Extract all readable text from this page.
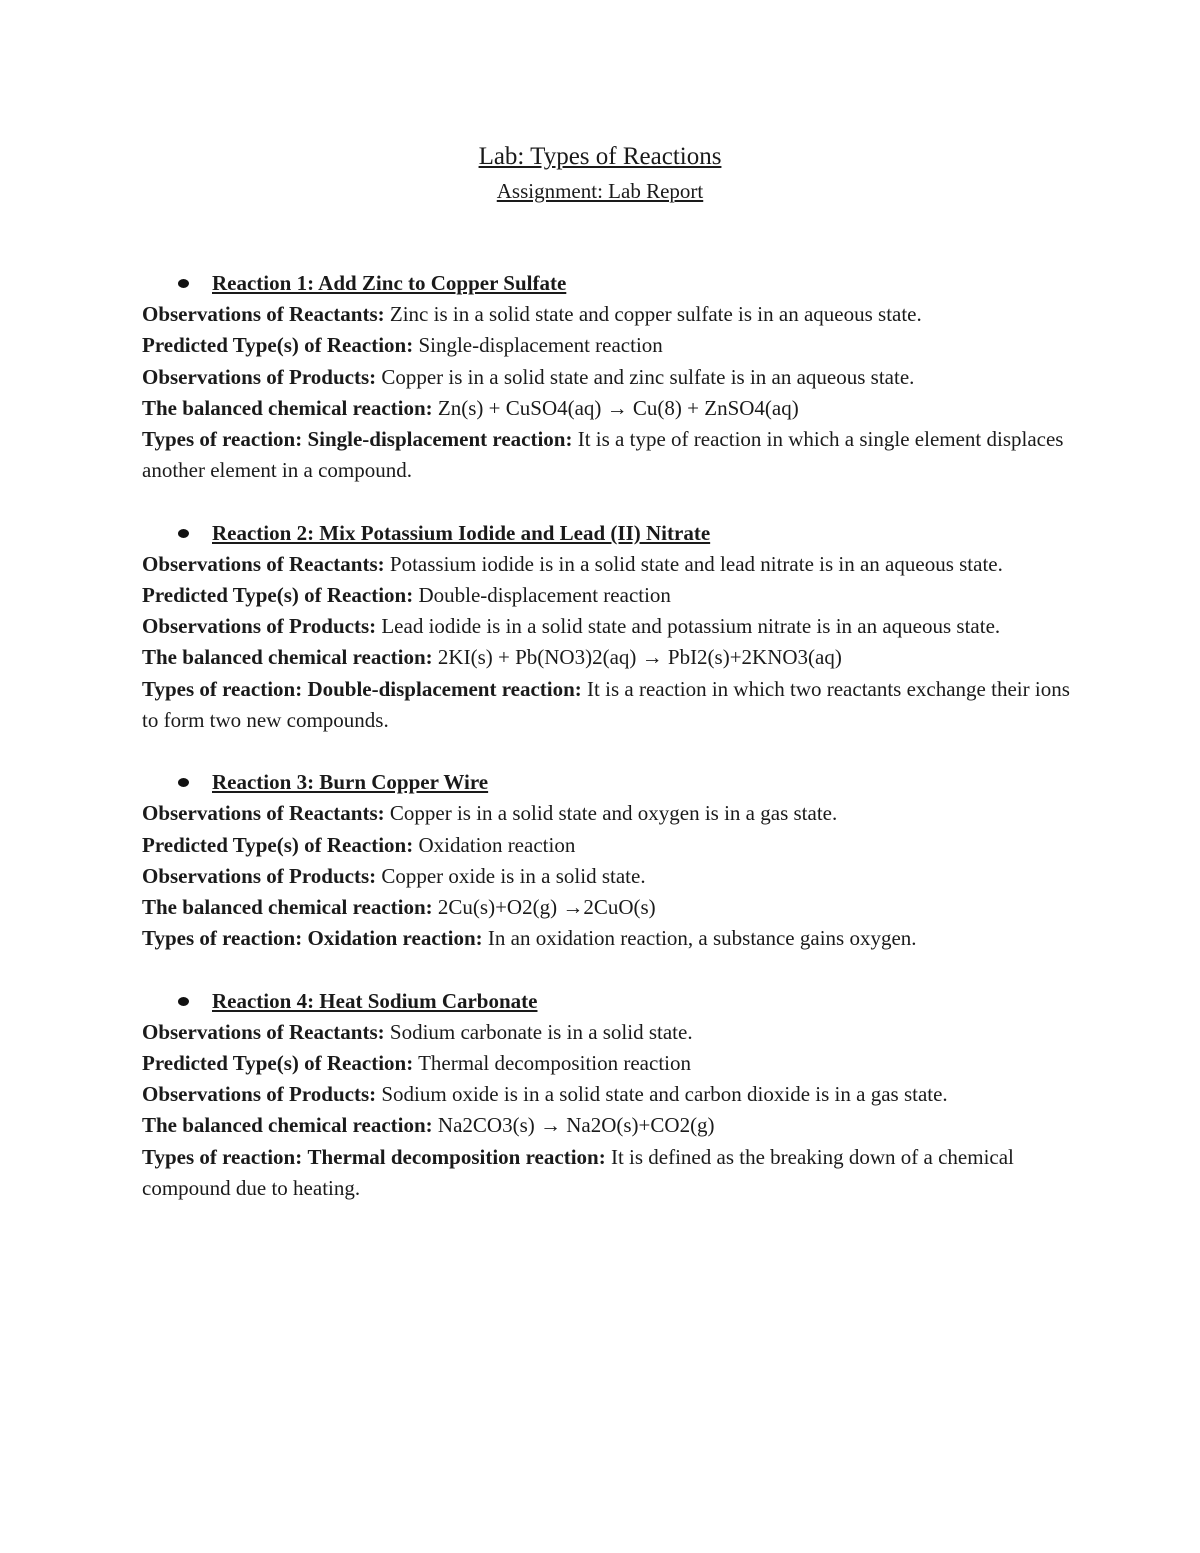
Lab: Types of Reactions
Assignment: Lab Report
Reaction 1: Add Zinc to Copper Sulfate

Observations of Reactants: Zinc is in a solid state and copper sulfate is in an aqueous state.

Predicted Type(s) of Reaction: Single-displacement reaction

Observations of Products: Copper is in a solid state and zinc sulfate is in an aqueous state.

The balanced chemical reaction: Zn(s) + CuSO4(aq) → Cu(8) + ZnSO4(aq)

Types of reaction: Single-displacement reaction: It is a type of reaction in which a single element displaces another element in a compound.

Reaction 2: Mix Potassium Iodide and Lead (II) Nitrate

Observations of Reactants: Potassium iodide is in a solid state and lead nitrate is in an aqueous state.

Predicted Type(s) of Reaction: Double-displacement reaction

Observations of Products: Lead iodide is in a solid state and potassium nitrate is in an aqueous state.

The balanced chemical reaction: 2KI(s) + Pb(NO3)2(aq) → PbI2(s)+2KNO3(aq)

Types of reaction: Double-displacement reaction: It is a reaction in which two reactants exchange their ions to form two new compounds.

Reaction 3: Burn Copper Wire

Observations of Reactants: Copper is in a solid state and oxygen is in a gas state.

Predicted Type(s) of Reaction: Oxidation reaction

Observations of Products: Copper oxide is in a solid state.

The balanced chemical reaction: 2Cu(s)+O2(g) →2CuO(s)

Types of reaction: Oxidation reaction: In an oxidation reaction, a substance gains oxygen.

Reaction 4: Heat Sodium Carbonate

Observations of Reactants: Sodium carbonate is in a solid state.

Predicted Type(s) of Reaction: Thermal decomposition reaction

Observations of Products: Sodium oxide is in a solid state and carbon dioxide is in a gas state.

The balanced chemical reaction: Na2CO3(s) → Na2O(s)+CO2(g)

Types of reaction: Thermal decomposition reaction: It is defined as the breaking down of a chemical compound due to heating.
